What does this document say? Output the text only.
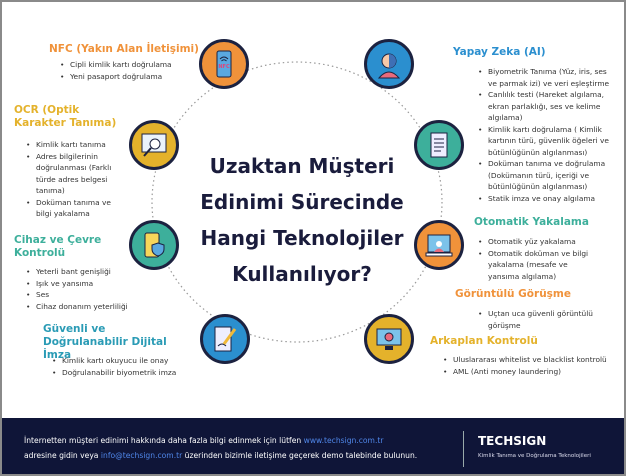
Uzaktan Müşteri
Edinimi Sürecinde
Hangi Teknolojiler
Kullanılıyor?
NFC
NFC (Yakın Alan İletişimi)
• Cipli kimlik kartı doğrulama
• Yeni pasaport doğrulama
OCR (Optik Karakter Tanıma)
• Kimlik kartı tanıma
• Adres bilgilerinin doğrulanması (Farklı türde adres belgesi tanıma)
• Doküman tanıma ve bilgi yakalama
Cihaz ve Çevre Kontrolü
• Yeterli bant genişliği
• Işık ve yansıma
• Ses
• Cihaz donanım yeterliliği
Güvenli ve Doğrulanabilir Dijital İmza
• Kimlik kartı okuyucu ile onay
• Doğrulanabilir biyometrik imza
Yapay Zeka (AI)
• Biyometrik Tanıma (Yüz, iris, ses ve parmak izi) ve veri eşleştirme
• Canlılık testi (Hareket algılama, ekran parlaklığı, ses ve kelime algılama)
• Kimlik kartı doğrulama ( Kimlik kartının türü, güvenlik öğeleri ve bütünlüğünün algılanması)
• Doküman tanıma ve doğrulama (Dokümanın türü, içeriği ve bütünlüğünün algılanması)
• Statik imza ve onay algılama
Otomatik Yakalama
• Otomatik yüz yakalama
• Otomatik doküman ve bilgi yakalama (mesafe ve yansıma algılama)
Görüntülü Görüşme
• Uçtan uca güvenli görüntülü görüşme
Arkaplan Kontrolü
• Uluslararası whitelist ve blacklist kontrolü
• AML (Anti money laundering)
İnternetten müşteri edinimi hakkında daha fazla bilgi edinmek için lütfen www.techsign.com.tr
adresine gidin veya info@techsign.com.tr üzerinden bizimle iletişime geçerek demo talebinde bulunun.
TECHSIGN
Kimlik Tanıma ve Doğrulama Teknolojileri
